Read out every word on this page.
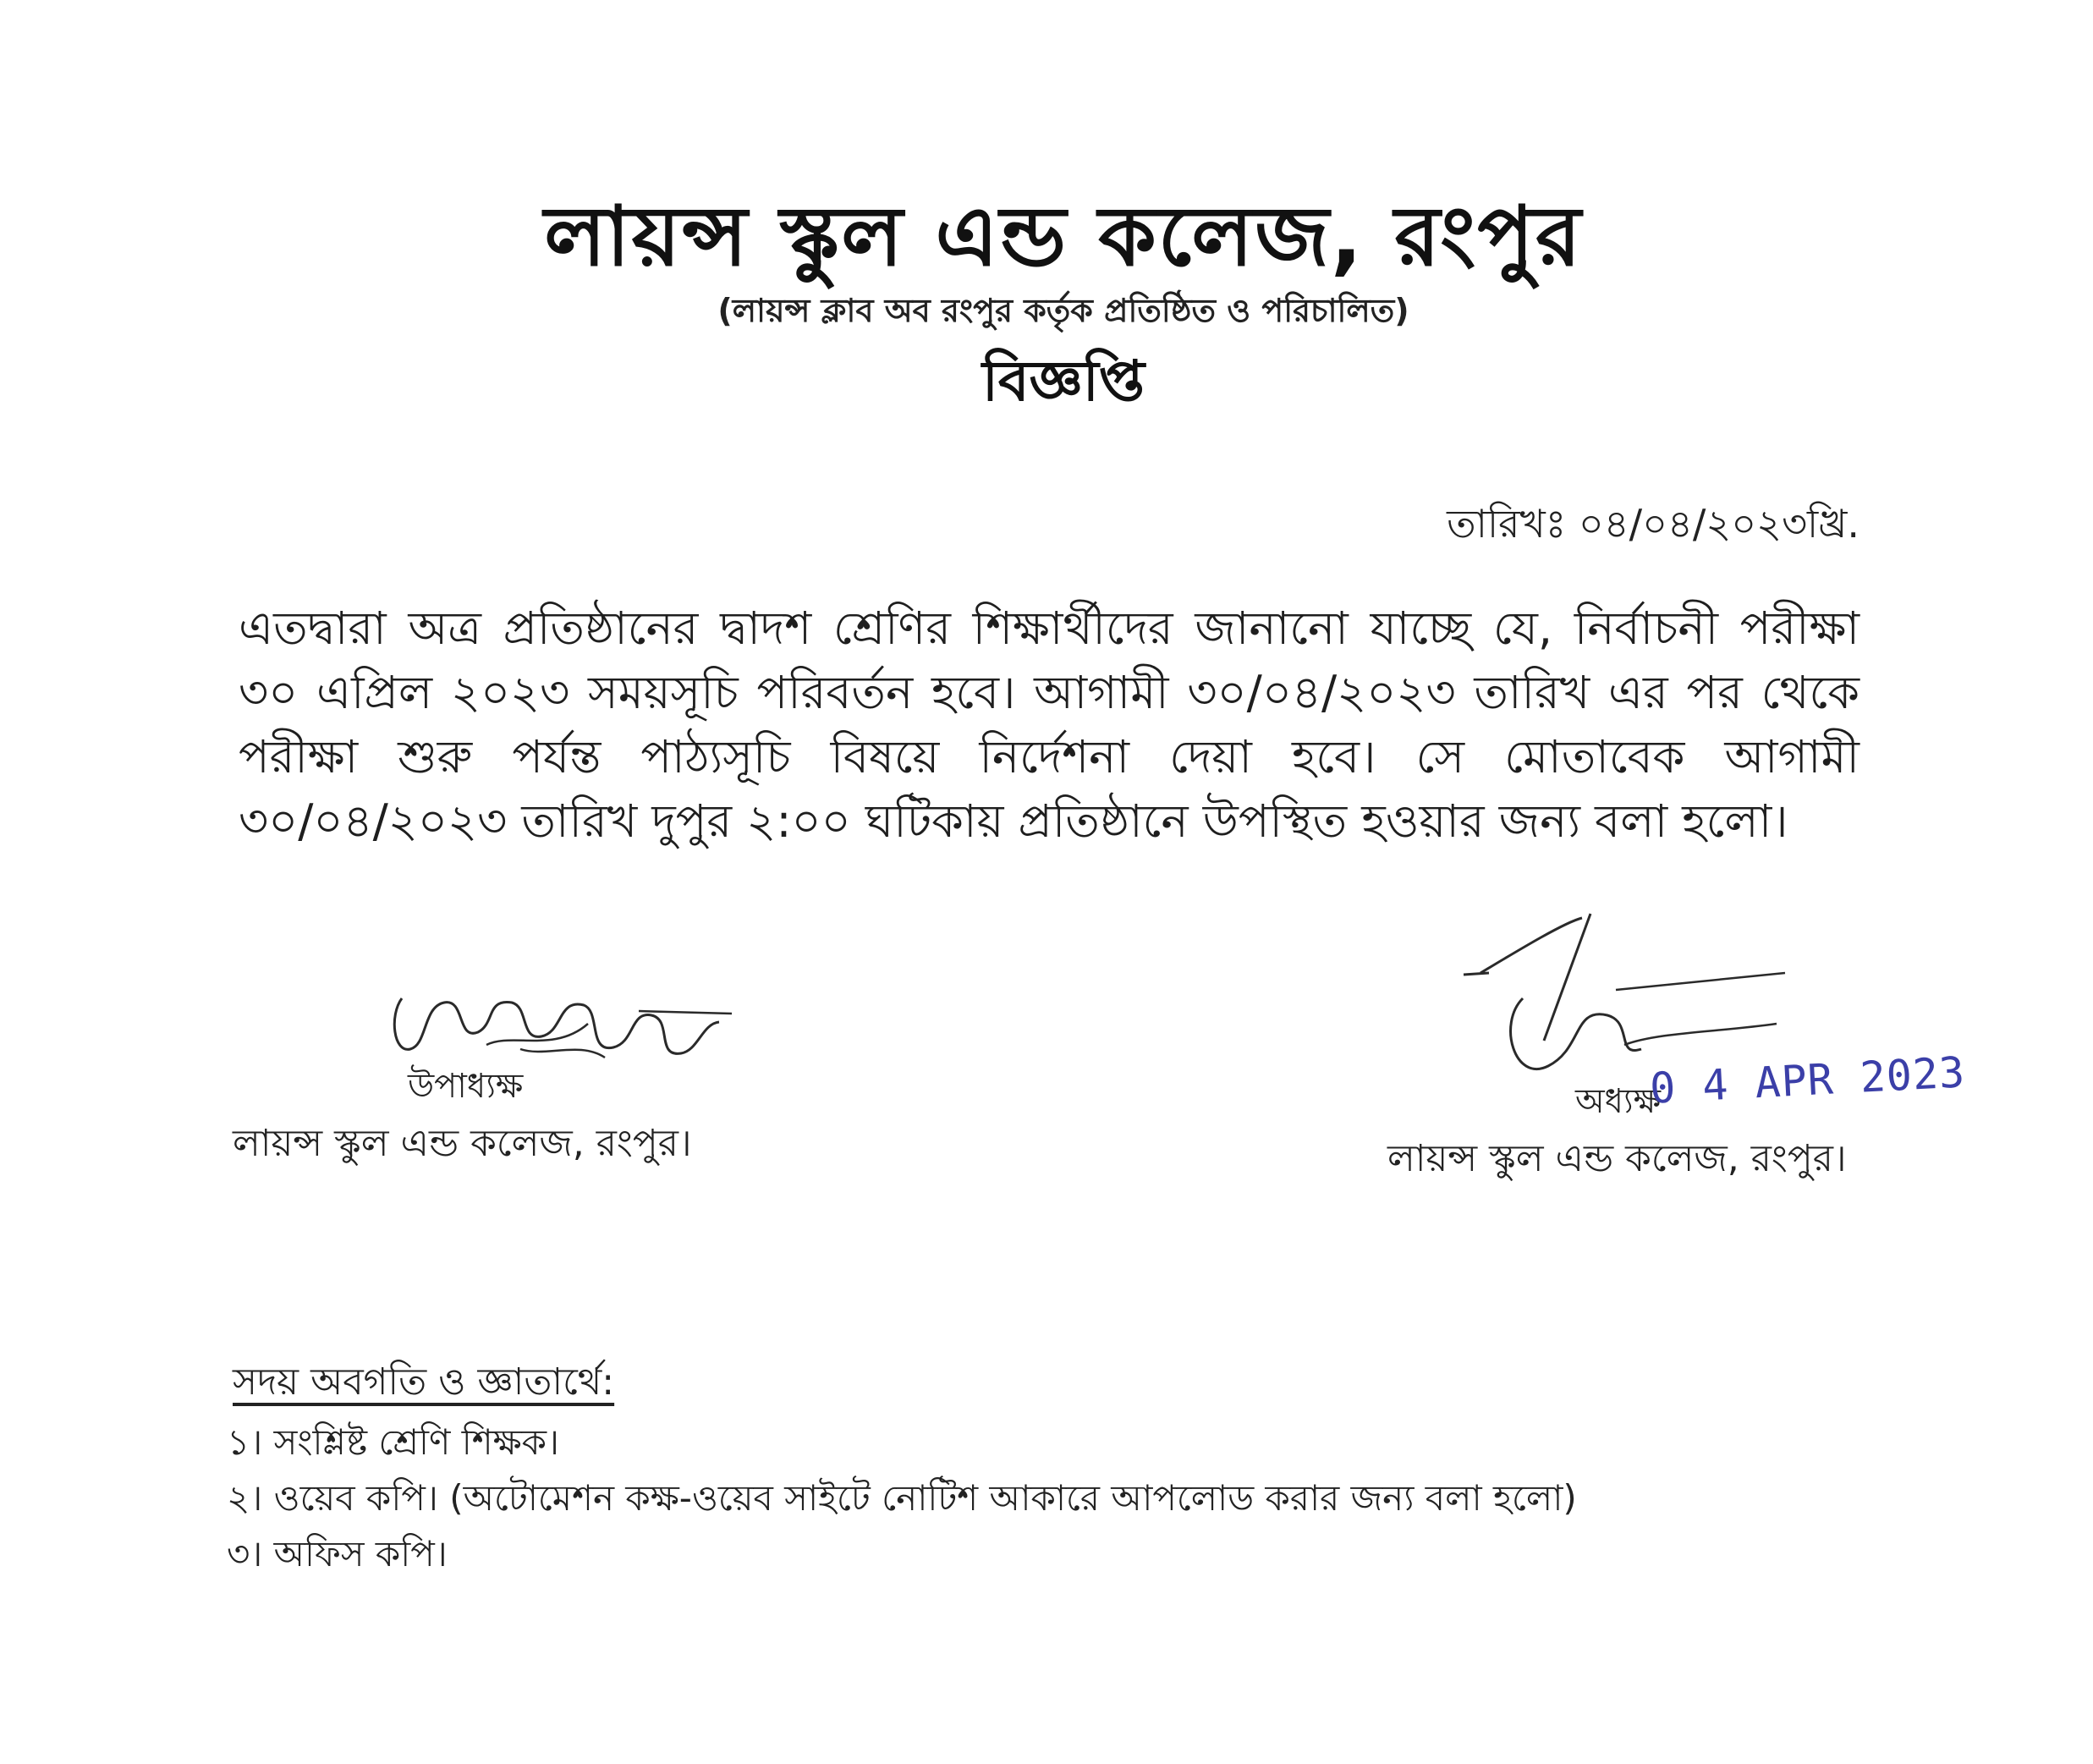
লায়ন্স স্কুল এন্ড কলেজ, রংপুর
(লায়ন্স ক্লাব অব রংপুর কর্তৃক প্রতিষ্ঠিত ও পরিচালিত)
বিজ্ঞপ্তি
তারিখঃ ০৪/০৪/২০২৩খ্রি.
এতদ্বারা অত্র প্রতিষ্ঠানের দ্বাদশ শ্রেণির শিক্ষার্থীদের জানানো যাচ্ছে যে, নির্বাচনী পরীক্ষা ৩০ এপ্রিল ২০২৩ সময়সূচি পরিবর্তন হবে। আগামী ৩০/০৪/২০২৩ তারিখ এর পর থেকে পরীক্ষা শুরু পর্যন্ত পাঠ্যসূচি বিষয়ে নির্দেশনা দেয়া হবে। সে মোতাবেক আগামী ৩০/০৪/২০২৩ তারিখ দুপুর ২:০০ ঘটিকায় প্রতিষ্ঠানে উপস্থিত হওয়ার জন্য বলা হলো।
উপাধ্যক্ষ
লায়ন্স স্কুল এন্ড কলেজ, রংপুর।
অধ্যক্ষ
0 4 APR 2023
লায়ন্স স্কুল এন্ড কলেজ, রংপুর।
সদয় অবগতি ও জ্ঞাতার্থে:
১। সংশ্লিষ্ট শ্রেণি শিক্ষক।
২। ওয়েব কপি। (অটোমেশন কক্ষ-ওয়েব সাইটে নোটিশ আকারে আপলোড করার জন্য বলা হলো)
৩। অফিস কপি।
